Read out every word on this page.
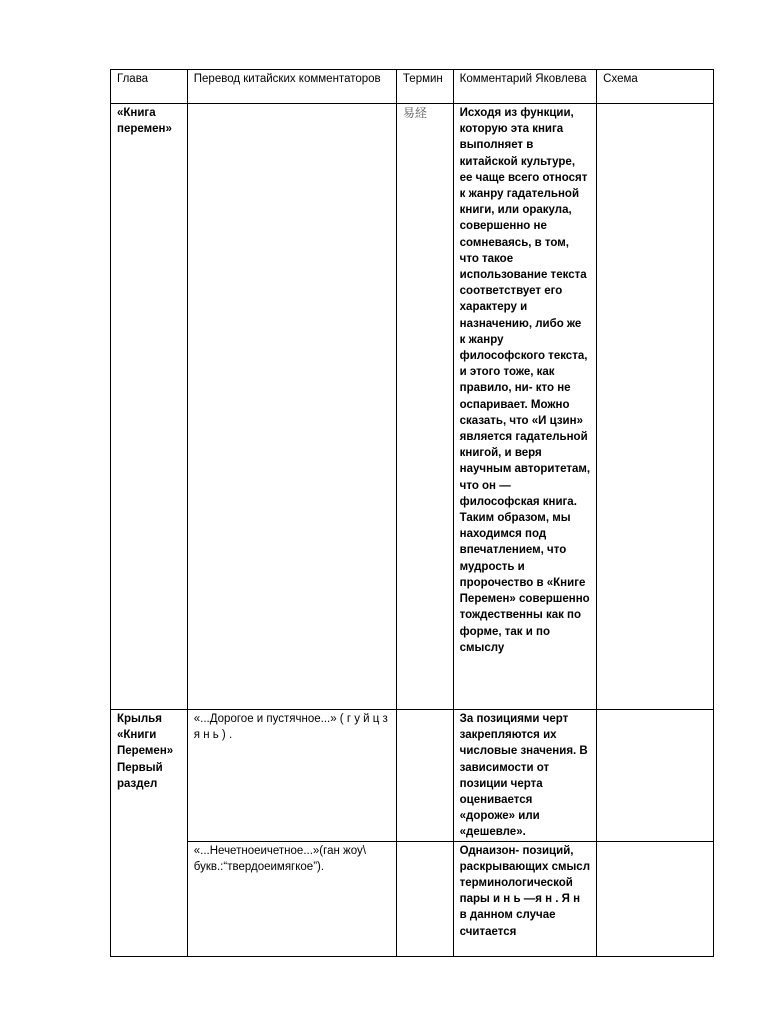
Глава	Перевод китайских комментаторов	Термин	Комментарий Яковлева	Схема
«Книга
перемен»		易経	Исходя из функции, которую эта книга выполняет в китайской культуре, ее чаще всего относят к жанру гадательной книги, или оракула, совершенно не сомневаясь, в том, что такое использование текста соответствует его характеру и назначению, либо же к жанру философского текста, и этого тоже, как правило, ни- кто не оспаривает. Можно сказать, что «И цзин» является гадательной книгой, и веря научным авторитетам, что он —философская книга. Таким образом, мы находимся под впечатлением, что мудрость и пророчество в «Книге Перемен» совершенно тождественны как по форме, так и по смыслу	
Крылья
«Книги
Перемен»
Первый
раздел	«...Дорогое и пустячное...» ( г у й ц з я н ь ) .		За позициями черт закрепляются их числовые значения. В зависимости от позиции черта оценивается «дороже» или «дешевле».	
	«...Нечетноеичетное...»(ган жоу\ букв.:“твердоеимягкое”).		Однаизон- позиций, раскрывающих смысл терминологической пары и н ь —я н . Я н в данном случае считается	
